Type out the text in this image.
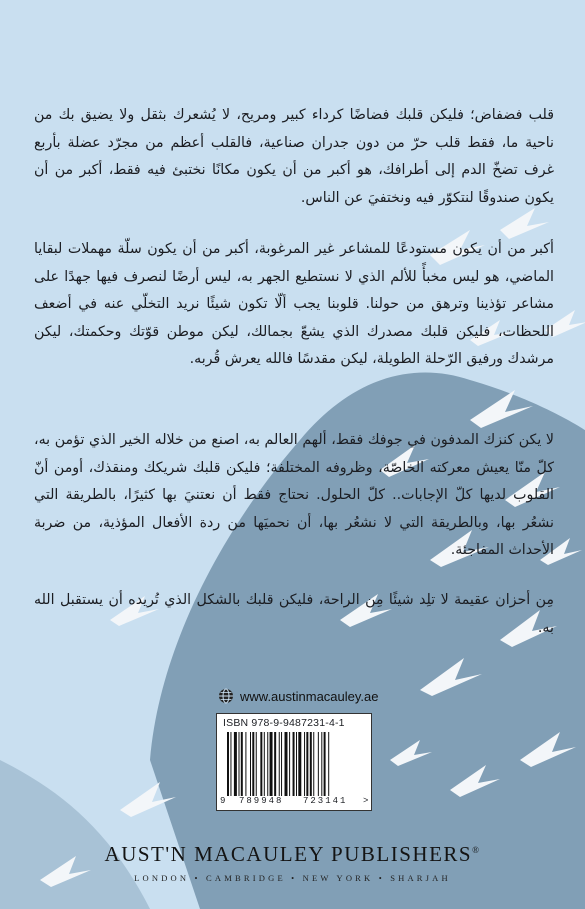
قلب فضفاض؛ فليكن قلبك فضاضًا كرداء كبير ومريح، لا يُشعرك بثقل ولا يضيق بك من ناحية ما، فقط قلب حرّ من دون جدران صناعية، فالقلب أعظم من مجرّد عضلة بأربع غرف تضخّ الدم إلى أطرافك، هو أكبر من أن يكون مكانًا نختبئ فيه فقط، أكبر من أن يكون صندوقًا لنتكوّر فيه ونختفيَ عن الناس.
أكبر من أن يكون مستودعًا للمشاعر غير المرغوبة، أكبر من أن يكون سلّة مهملات لبقايا الماضي، هو ليس مخبأً للألم الذي لا نستطيع الجهر به، ليس أرضًا لنصرف فيها جهدًا على مشاعر تؤذينا وترهق من حولنا. قلوبنا يجب ألّا تكون شيئًا نريد التخلّي عنه في أضعف اللحظات، فليكن قلبك مصدرك الذي يشعّ بجمالك، ليكن موطن قوّتك وحكمتك، ليكن مرشدك ورفيق الرّحلة الطويلة، ليكن مقدسًا فالله يعرش قُربه.
لا يكن كنزك المدفون في جوفك فقط، ألهم العالم به، اصنع من خلاله الخير الذي تؤمن به، كلّ منّا يعيش معركته الخاصّة، وظروفه المختلفة؛ فليكن قلبك شريكك ومنقذك، أومن أنّ القلوب لديها كلّ الإجابات.. كلّ الحلول. نحتاج فقط أن نعتنيَ بها كثيرًا، بالطريقة التي نشعُر بها، وبالطريقة التي لا نشعُر بها، أن نحميَها من ردة الأفعال المؤذية، من ضربة الأحداث المفاجئة.
مِن أحزان عقيمة لا تلِد شيئًا مِن الراحة، فليكن قلبك بالشكل الذي تُريده أن يستقبل الله به.
www.austinmacauley.ae
ISBN 978-9-9487231-4-1
9 789948 723141 >
AUST'N MACAULEY PUBLISHERS®
LONDON • CAMBRIDGE • NEW YORK • SHARJAH
